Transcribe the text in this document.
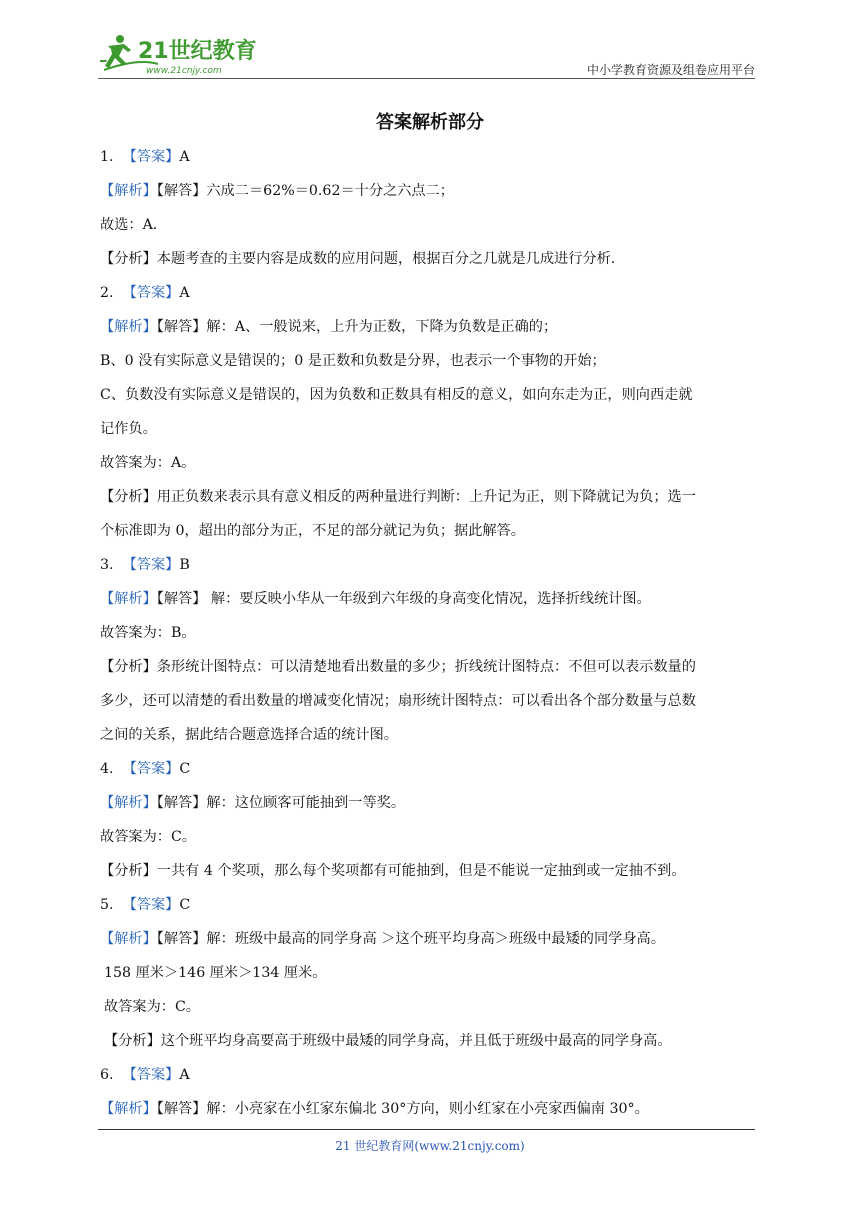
21世纪教育
www.21cnjy.com	中小学教育资源及组卷应用平台
答案解析部分
1.  【答案】A
【解析】【解答】六成二＝62%＝0.62＝十分之六点二；
故选：A.
【分析】本题考查的主要内容是成数的应用问题，根据百分之几就是几成进行分析.
2.  【答案】A
【解析】【解答】解：A、一般说来，上升为正数，下降为负数是正确的；
B、0 没有实际意义是错误的；0 是正数和负数是分界，也表示一个事物的开始；
C、负数没有实际意义是错误的，因为负数和正数具有相反的意义，如向东走为正，则向西走就
记作负。
故答案为：A。
【分析】用正负数来表示具有意义相反的两种量进行判断：上升记为正，则下降就记为负；选一
个标准即为 0，超出的部分为正，不足的部分就记为负；据此解答。
3.  【答案】B
【解析】【解答】 解：要反映小华从一年级到六年级的身高变化情况，选择折线统计图。
故答案为：B。
【分析】条形统计图特点：可以清楚地看出数量的多少；折线统计图特点：不但可以表示数量的
多少，还可以清楚的看出数量的增减变化情况；扇形统计图特点：可以看出各个部分数量与总数
之间的关系，据此结合题意选择合适的统计图。
4.  【答案】C
【解析】【解答】解：这位顾客可能抽到一等奖。
故答案为：C。
【分析】一共有 4 个奖项，那么每个奖项都有可能抽到，但是不能说一定抽到或一定抽不到。
5.  【答案】C
【解析】【解答】解：班级中最高的同学身高 ＞这个班平均身高＞班级中最矮的同学身高。
158 厘米＞146 厘米＞134 厘米。
故答案为：C。
【分析】这个班平均身高要高于班级中最矮的同学身高，并且低于班级中最高的同学身高。
6.  【答案】A
【解析】【解答】解：小亮家在小红家东偏北 30°方向，则小红家在小亮家西偏南 30°。
21 世纪教育网(www.21cnjy.com)
